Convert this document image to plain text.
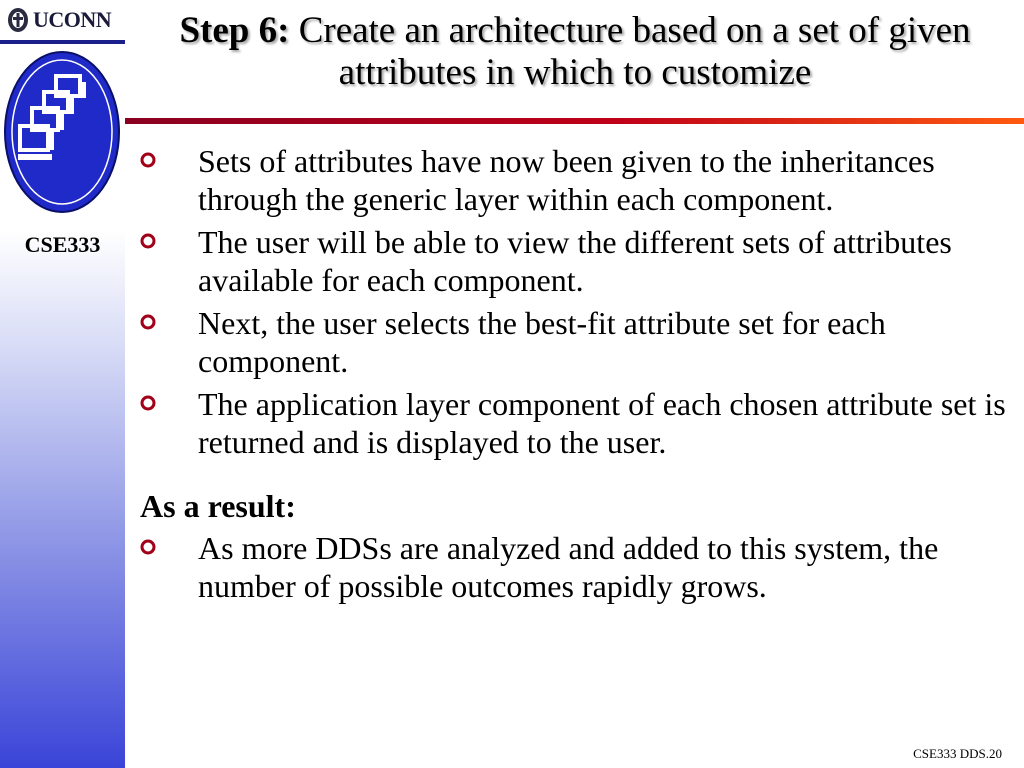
UCONN
CSE333
Step 6: Create an architecture based on a set of given attributes in which to customize
Sets of attributes have now been given to the inheritances through the generic layer within each component.
The user will be able to view the different sets of attributes available for each component.
Next, the user selects the best-fit attribute set for each component.
The application layer component of each chosen attribute set is returned and is displayed to the user.
As a result:
As more DDSs are analyzed and added to this system, the number of possible outcomes rapidly grows.
CSE333 DDS.20
